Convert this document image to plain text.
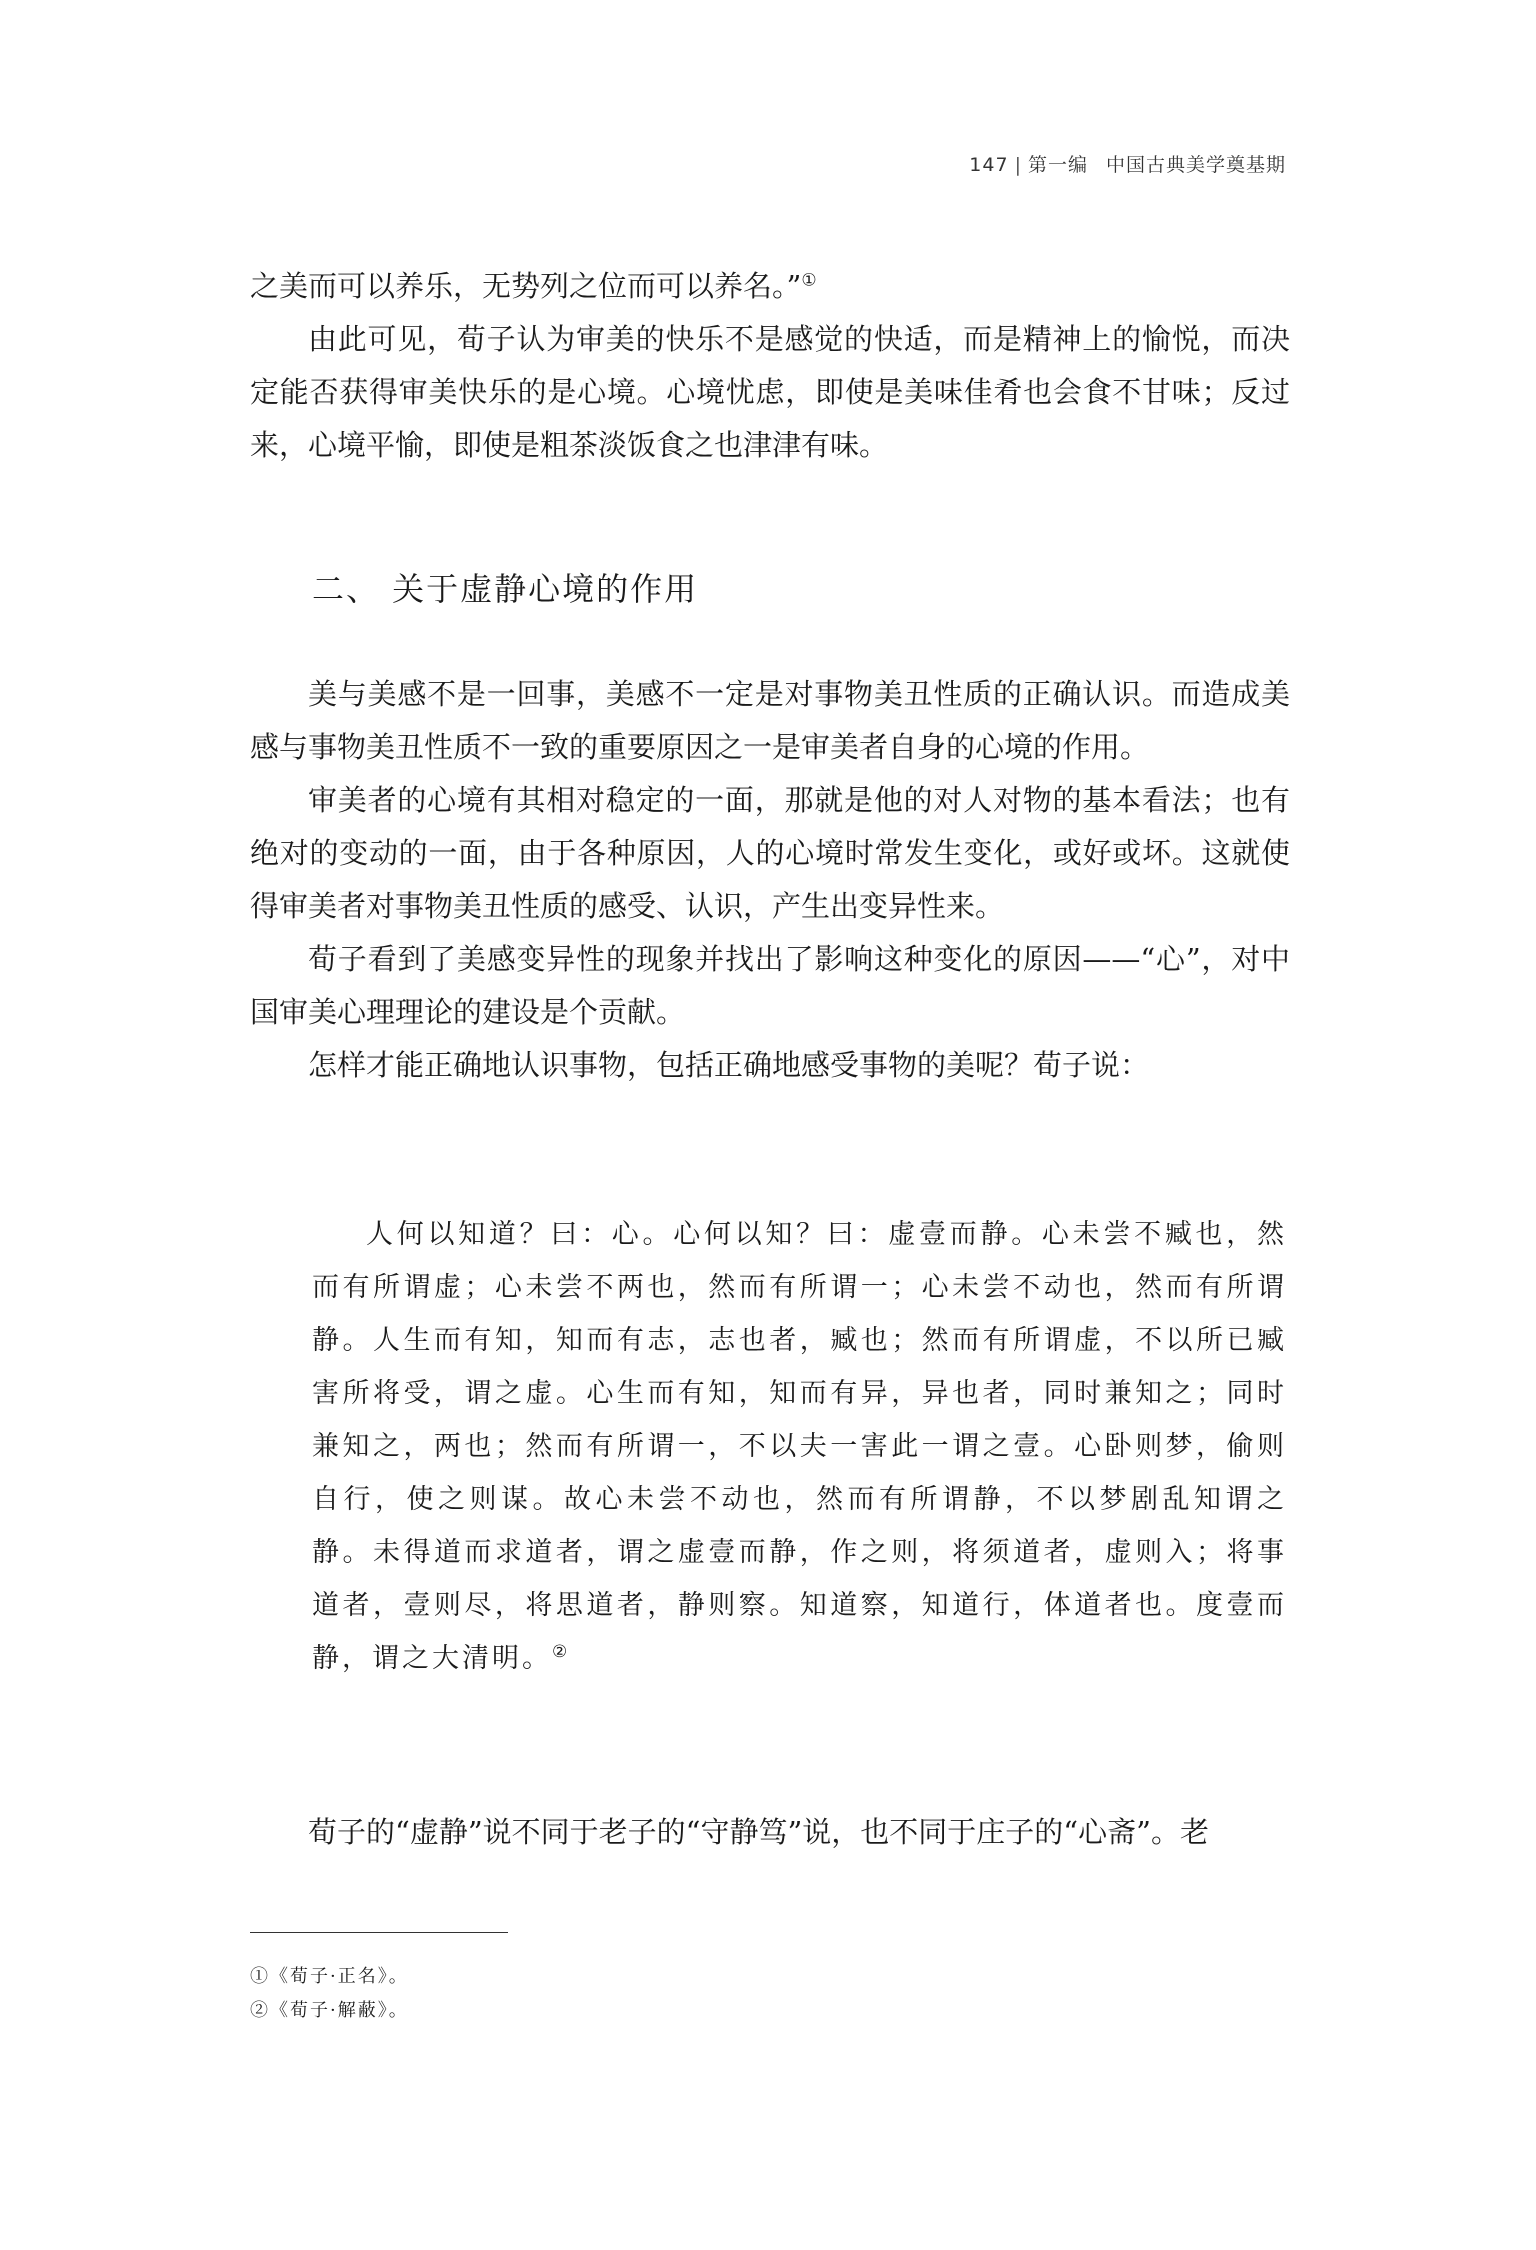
147 | 第一编 中国古典美学奠基期

之美而可以养乐，无势列之位而可以养名。”①

由此可见，荀子认为审美的快乐不是感觉的快适，而是精神上的愉悦，而决定能否获得审美快乐的是心境。心境忧虑，即使是美味佳肴也会食不甘味；反过来，心境平愉，即使是粗茶淡饭食之也津津有味。

二、 关于虚静心境的作用

美与美感不是一回事，美感不一定是对事物美丑性质的正确认识。而造成美感与事物美丑性质不一致的重要原因之一是审美者自身的心境的作用。

审美者的心境有其相对稳定的一面，那就是他的对人对物的基本看法；也有绝对的变动的一面，由于各种原因，人的心境时常发生变化，或好或坏。这就使得审美者对事物美丑性质的感受、认识，产生出变异性来。

荀子看到了美感变异性的现象并找出了影响这种变化的原因——“心”，对中国审美心理理论的建设是个贡献。

怎样才能正确地认识事物，包括正确地感受事物的美呢？荀子说：

人何以知道？曰：心。心何以知？曰：虚壹而静。心未尝不臧也，然而有所谓虚；心未尝不两也，然而有所谓一；心未尝不动也，然而有所谓静。人生而有知，知而有志，志也者，臧也；然而有所谓虚，不以所已臧害所将受，谓之虚。心生而有知，知而有异，异也者，同时兼知之；同时兼知之，两也；然而有所谓一，不以夫一害此一谓之壹。心卧则梦，偷则自行，使之则谋。故心未尝不动也，然而有所谓静，不以梦剧乱知谓之静。未得道而求道者，谓之虚壹而静，作之则，将须道者，虚则入；将事道者，壹则尽，将思道者，静则察。知道察，知道行，体道者也。度壹而静，谓之大清明。②

荀子的“虚静”说不同于老子的“守静笃”说，也不同于庄子的“心斋”。老

①《荀子·正名》。
②《荀子·解蔽》。
